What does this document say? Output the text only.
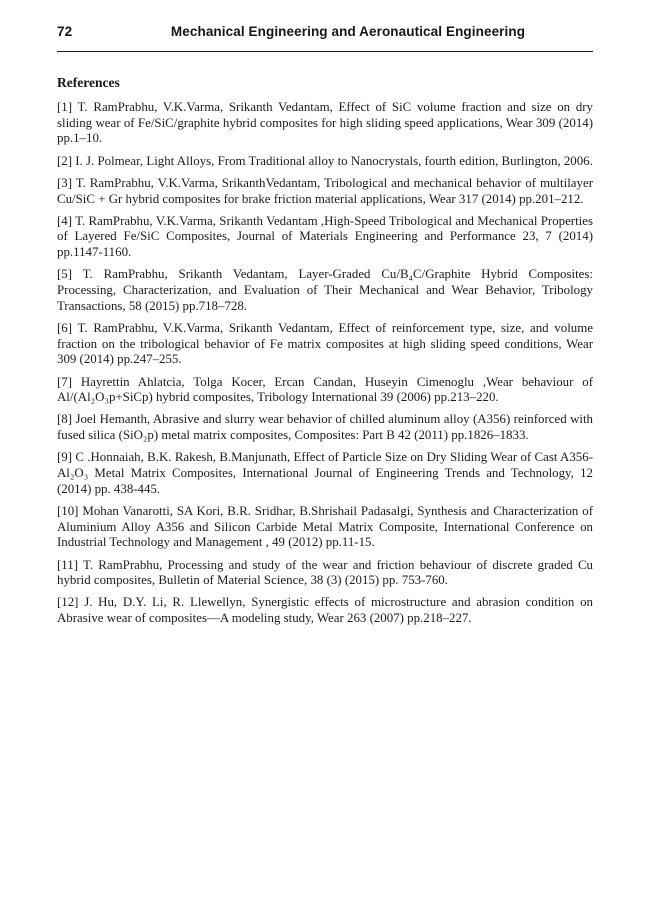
72	Mechanical Engineering and Aeronautical Engineering
References

[1] T. RamPrabhu, V.K.Varma, Srikanth Vedantam, Effect of SiC volume fraction and size on dry sliding wear of Fe/SiC/graphite hybrid composites for high sliding speed applications, Wear 309 (2014) pp.1–10.

[2] I. J. Polmear, Light Alloys, From Traditional alloy to Nanocrystals, fourth edition, Burlington, 2006.

[3] T. RamPrabhu, V.K.Varma, SrikanthVedantam, Tribological and mechanical behavior of multilayer Cu/SiC + Gr hybrid composites for brake friction material applications, Wear 317 (2014) pp.201–212.

[4] T. RamPrabhu, V.K.Varma, Srikanth Vedantam ,High-Speed Tribological and Mechanical Properties of Layered Fe/SiC Composites, Journal of Materials Engineering and Performance 23, 7 (2014) pp.1147-1160.

[5] T. RamPrabhu, Srikanth Vedantam, Layer-Graded Cu/B₄C/Graphite Hybrid Composites: Processing, Characterization, and Evaluation of Their Mechanical and Wear Behavior, Tribology Transactions, 58 (2015) pp.718–728.

[6] T. RamPrabhu, V.K.Varma, Srikanth Vedantam, Effect of reinforcement type, size, and volume fraction on the tribological behavior of Fe matrix composites at high sliding speed conditions, Wear 309 (2014) pp.247–255.

[7] Hayrettin Ahlatcia, Tolga Kocer, Ercan Candan, Huseyin Cimenoglu ,Wear behaviour of Al/(Al₂O₃p+SiCp) hybrid composites, Tribology International 39 (2006) pp.213–220.

[8] Joel Hemanth, Abrasive and slurry wear behavior of chilled aluminum alloy (A356) reinforced with fused silica (SiO₂p) metal matrix composites, Composites: Part B 42 (2011) pp.1826–1833.

[9] C .Honnaiah, B.K. Rakesh, B.Manjunath, Effect of Particle Size on Dry Sliding Wear of Cast A356-Al₂O₃ Metal Matrix Composites, International Journal of Engineering Trends and Technology, 12 (2014) pp. 438-445.

[10] Mohan Vanarotti, SA Kori, B.R. Sridhar, B.Shrishail Padasalgi, Synthesis and Characterization of Aluminium Alloy A356 and Silicon Carbide Metal Matrix Composite, International Conference on Industrial Technology and Management , 49 (2012) pp.11-15.

[11] T. RamPrabhu, Processing and study of the wear and friction behaviour of discrete graded Cu hybrid composites, Bulletin of Material Science, 38 (3) (2015) pp. 753-760.

[12] J. Hu, D.Y. Li, R. Llewellyn, Synergistic effects of microstructure and abrasion condition on Abrasive wear of composites—A modeling study, Wear 263 (2007) pp.218–227.
